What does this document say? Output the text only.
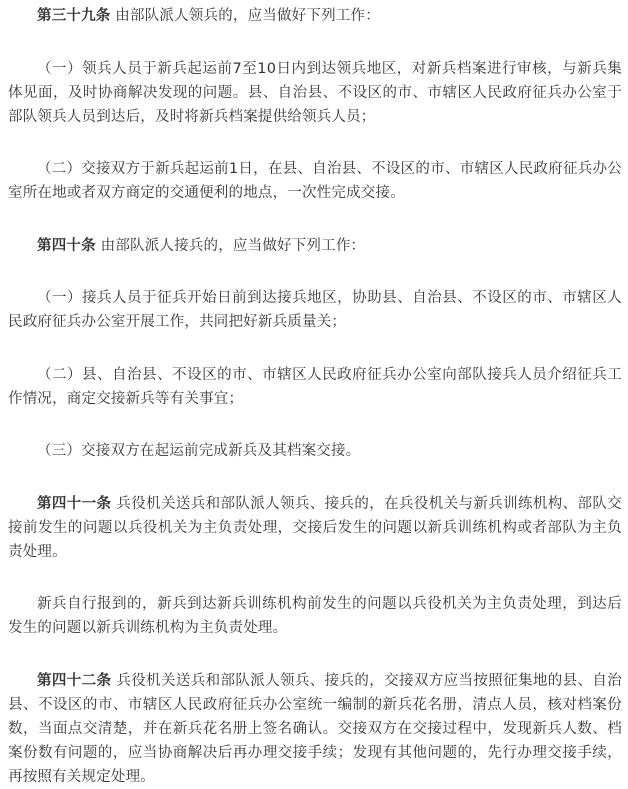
第三十九条 由部队派人领兵的，应当做好下列工作：

（一）领兵人员于新兵起运前7至10日内到达领兵地区，对新兵档案进行审核，与新兵集体见面，及时协商解决发现的问题。县、自治县、不设区的市、市辖区人民政府征兵办公室于部队领兵人员到达后，及时将新兵档案提供给领兵人员；

（二）交接双方于新兵起运前1日，在县、自治县、不设区的市、市辖区人民政府征兵办公室所在地或者双方商定的交通便利的地点，一次性完成交接。

第四十条 由部队派人接兵的，应当做好下列工作：

（一）接兵人员于征兵开始日前到达接兵地区，协助县、自治县、不设区的市、市辖区人民政府征兵办公室开展工作，共同把好新兵质量关；

（二）县、自治县、不设区的市、市辖区人民政府征兵办公室向部队接兵人员介绍征兵工作情况，商定交接新兵等有关事宜；

（三）交接双方在起运前完成新兵及其档案交接。

第四十一条 兵役机关送兵和部队派人领兵、接兵的，在兵役机关与新兵训练机构、部队交接前发生的问题以兵役机关为主负责处理，交接后发生的问题以新兵训练机构或者部队为主负责处理。

新兵自行报到的，新兵到达新兵训练机构前发生的问题以兵役机关为主负责处理，到达后发生的问题以新兵训练机构为主负责处理。

第四十二条 兵役机关送兵和部队派人领兵、接兵的，交接双方应当按照征集地的县、自治县、不设区的市、市辖区人民政府征兵办公室统一编制的新兵花名册，清点人员，核对档案份数，当面点交清楚，并在新兵花名册上签名确认。交接双方在交接过程中，发现新兵人数、档案份数有问题的，应当协商解决后再办理交接手续；发现有其他问题的，先行办理交接手续，再按照有关规定处理。
